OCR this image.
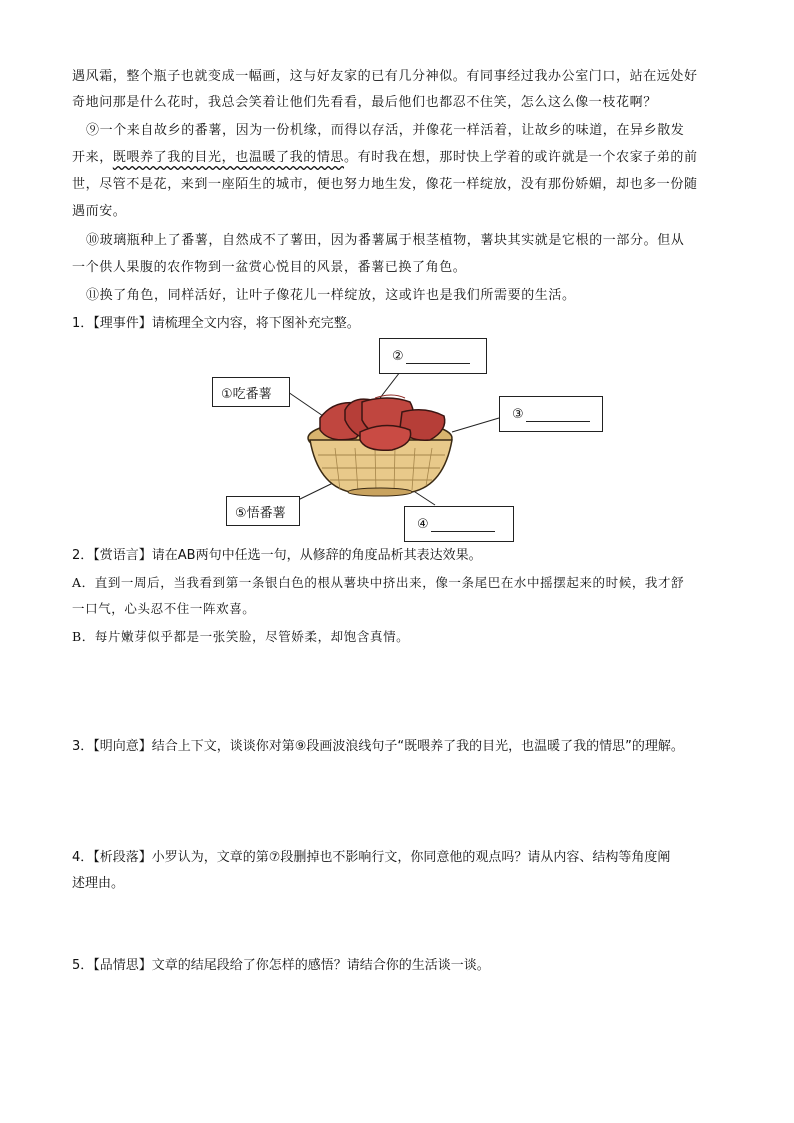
遇风霜，整个瓶子也就变成一幅画，这与好友家的已有几分神似。有同事经过我办公室门口，站在远处好
奇地问那是什么花时，我总会笑着让他们先看看，最后他们也都忍不住笑，怎么这么像一枝花啊？
⑨一个来自故乡的番薯，因为一份机缘，而得以存活，并像花一样活着，让故乡的味道，在异乡散发
开来，既喂养了我的目光，也温暖了我的情思。有时我在想，那时快上学着的或许就是一个农家子弟的前
世，尽管不是花，来到一座陌生的城市，便也努力地生发，像花一样绽放，没有那份娇媚，却也多一份随
遇而安。
⑩玻璃瓶种上了番薯，自然成不了薯田，因为番薯属于根茎植物，薯块其实就是它根的一部分。但从
一个供人果腹的农作物到一盆赏心悦目的风景，番薯已换了角色。
⑪换了角色，同样活好，让叶子像花儿一样绽放，这或许也是我们所需要的生活。
1．【理事件】请梳理全文内容，将下图补充完整。
①吃番薯
②
③
④
⑤悟番薯
2．【赏语言】请在AB两句中任选一句，从修辞的角度品析其表达效果。
A．直到一周后，当我看到第一条银白色的根从薯块中挤出来，像一条尾巴在水中摇摆起来的时候，我才舒
一口气，心头忍不住一阵欢喜。
B．每片嫩芽似乎都是一张笑脸，尽管娇柔，却饱含真情。
3．【明向意】结合上下文，谈谈你对第⑨段画波浪线句子“既喂养了我的目光，也温暖了我的情思”的理解。
4．【析段落】小罗认为，文章的第⑦段删掉也不影响行文，你同意他的观点吗？请从内容、结构等角度阐
述理由。
5．【品情思】文章的结尾段给了你怎样的感悟？请结合你的生活谈一谈。
